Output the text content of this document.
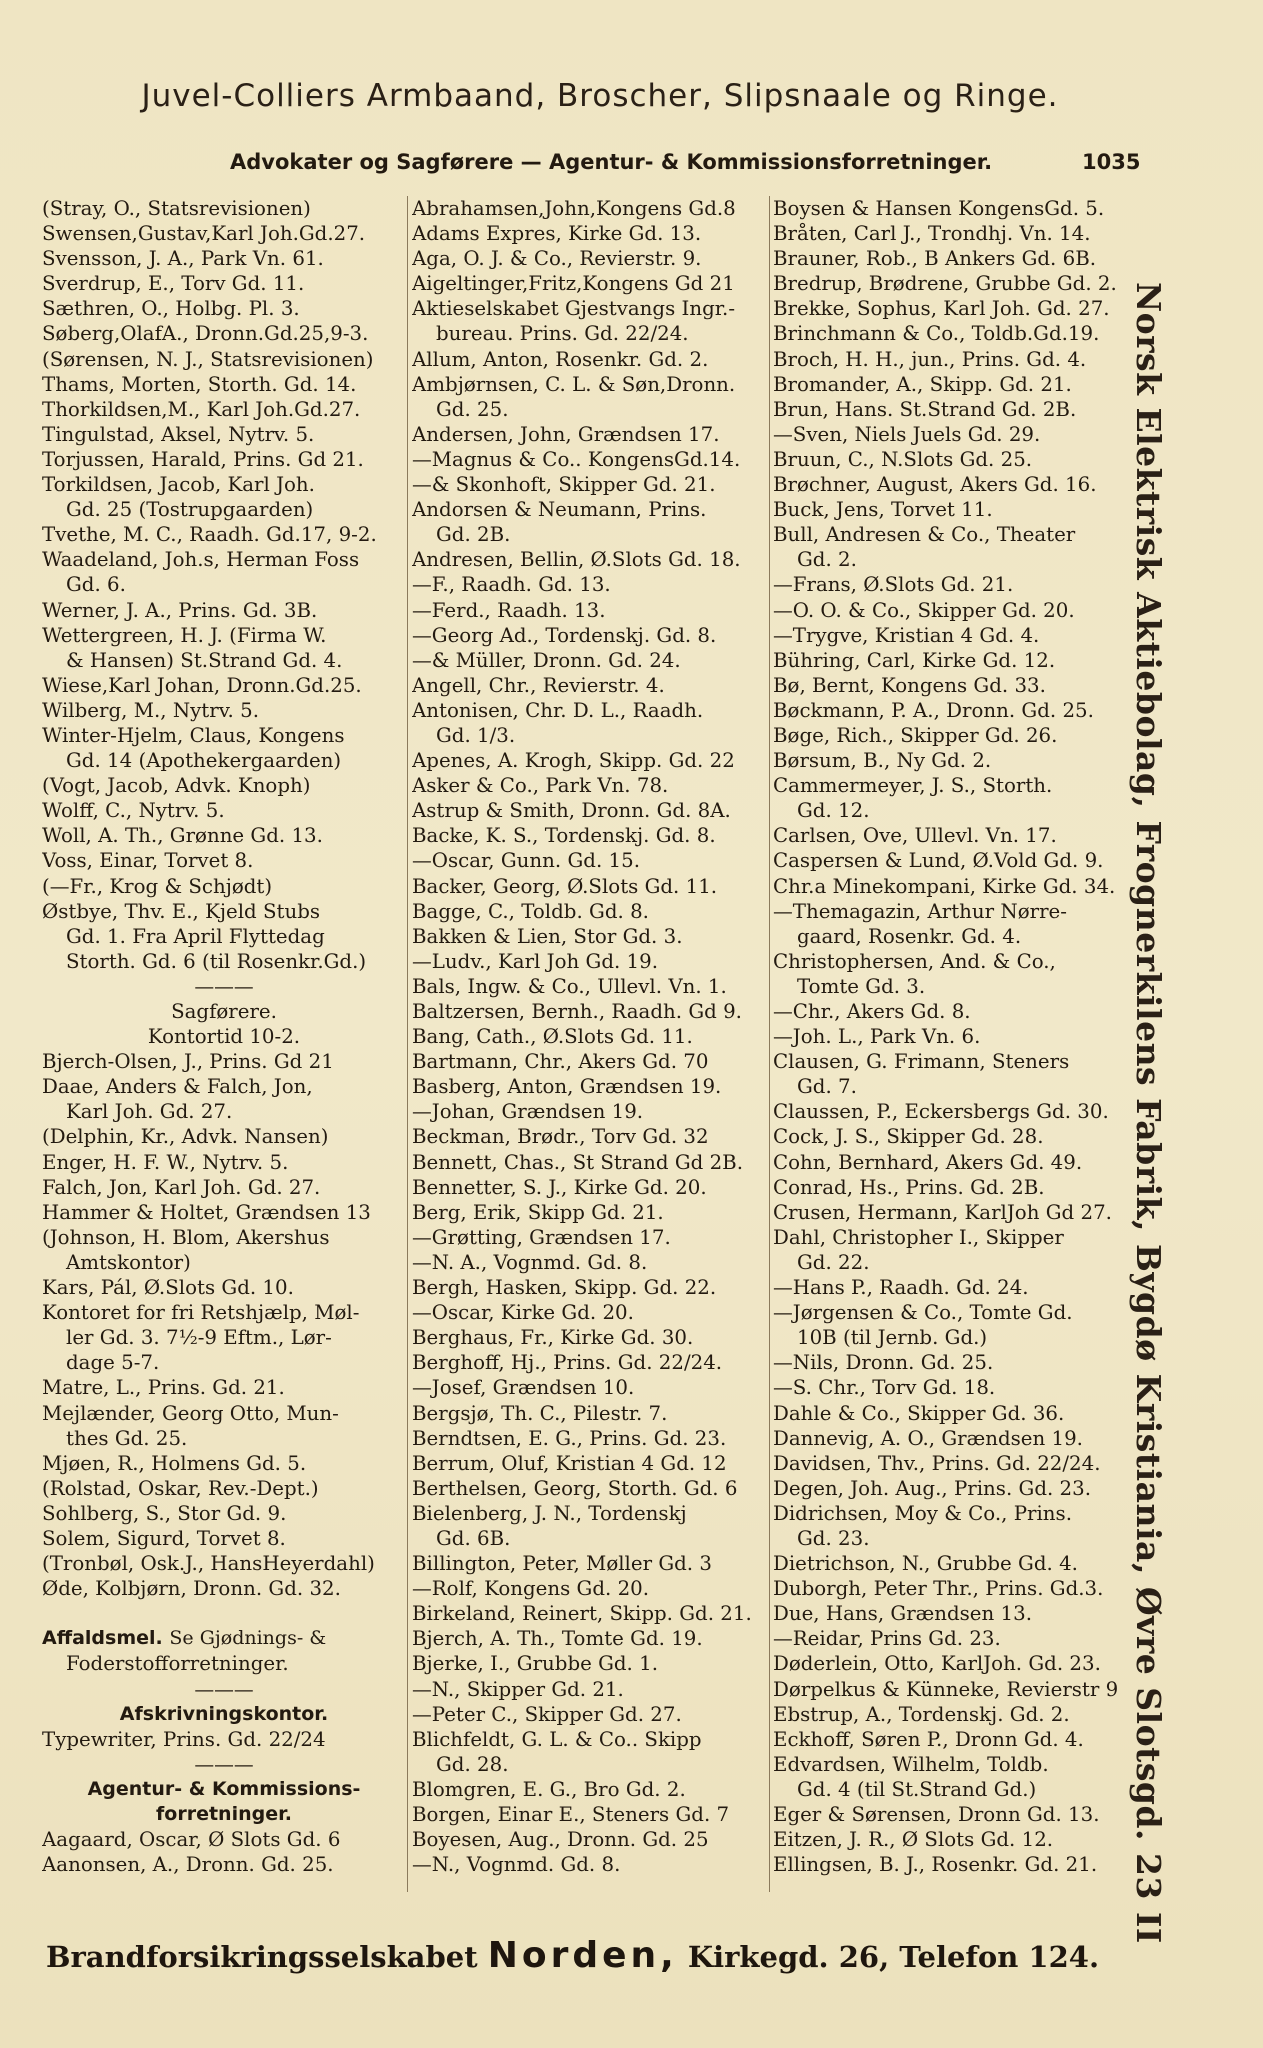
Juvel-Colliers Armbaand, Broscher, Slipsnaale og Ringe.
Advokater og Sagførere — Agentur- & Kommissionsforretninger.	1035
(Stray, O., Statsrevisionen)
Swensen,Gustav,Karl Joh.Gd.27.
Svensson, J. A., Park Vn. 61.
Sverdrup, E., Torv Gd. 11.
Sæthren, O., Holbg. Pl. 3.
Søberg,OlafA., Dronn.Gd.25,9-3.
(Sørensen, N. J., Statsrevisionen)
Thams, Morten, Storth. Gd. 14.
Thorkildsen,M., Karl Joh.Gd.27.
Tingulstad, Aksel, Nytrv. 5.
Torjussen, Harald, Prins. Gd 21.
Torkildsen, Jacob, Karl Joh.
Gd. 25 (Tostrupgaarden)
Tvethe, M. C., Raadh. Gd.17, 9-2.
Waadeland, Joh.s, Herman Foss
Gd. 6.
Werner, J. A., Prins. Gd. 3B.
Wettergreen, H. J. (Firma W.
& Hansen) St.Strand Gd. 4.
Wiese,Karl Johan, Dronn.Gd.25.
Wilberg, M., Nytrv. 5.
Winter-Hjelm, Claus, Kongens
Gd. 14 (Apothekergaarden)
(Vogt, Jacob, Advk. Knoph)
Wolff, C., Nytrv. 5.
Woll, A. Th., Grønne Gd. 13.
Voss, Einar, Torvet 8.
(—Fr., Krog & Schjødt)
Østbye, Thv. E., Kjeld Stubs
Gd. 1. Fra April Flyttedag
Storth. Gd. 6 (til Rosenkr.Gd.)
———
Sagførere.
Kontortid 10-2.
Bjerch-Olsen, J., Prins. Gd 21
Daae, Anders & Falch, Jon,
Karl Joh. Gd. 27.
(Delphin, Kr., Advk. Nansen)
Enger, H. F. W., Nytrv. 5.
Falch, Jon, Karl Joh. Gd. 27.
Hammer & Holtet, Grændsen 13
(Johnson, H. Blom, Akershus
Amtskontor)
Kars, Pál, Ø.Slots Gd. 10.
Kontoret for fri Retshjælp, Møl-
ler Gd. 3. 7½-9 Eftm., Lør-
dage 5-7.
Matre, L., Prins. Gd. 21.
Mejlænder, Georg Otto, Mun-
thes Gd. 25.
Mjøen, R., Holmens Gd. 5.
(Rolstad, Oskar, Rev.-Dept.)
Sohlberg, S., Stor Gd. 9.
Solem, Sigurd, Torvet 8.
(Tronbøl, Osk.J., HansHeyerdahl)
Øde, Kolbjørn, Dronn. Gd. 32.
Affaldsmel. Se Gjødnings- &
Foderstofforretninger.
———
Afskrivningskontor.
Typewriter, Prins. Gd. 22/24
———
Agentur- & Kommissions-
forretninger.
Aagaard, Oscar, Ø Slots Gd. 6
Aanonsen, A., Dronn. Gd. 25.
Abrahamsen,John,Kongens Gd.8
Adams Expres, Kirke Gd. 13.
Aga, O. J. & Co., Revierstr. 9.
Aigeltinger,Fritz,Kongens Gd 21
Aktieselskabet Gjestvangs Ingr.-
bureau. Prins. Gd. 22/24.
Allum, Anton, Rosenkr. Gd. 2.
Ambjørnsen, C. L. & Søn,Dronn.
Gd. 25.
Andersen, John, Grændsen 17.
—Magnus & Co.. KongensGd.14.
—& Skonhoft, Skipper Gd. 21.
Andorsen & Neumann, Prins.
Gd. 2B.
Andresen, Bellin, Ø.Slots Gd. 18.
—F., Raadh. Gd. 13.
—Ferd., Raadh. 13.
—Georg Ad., Tordenskj. Gd. 8.
—& Müller, Dronn. Gd. 24.
Angell, Chr., Revierstr. 4.
Antonisen, Chr. D. L., Raadh.
Gd. 1/3.
Apenes, A. Krogh, Skipp. Gd. 22
Asker & Co., Park Vn. 78.
Astrup & Smith, Dronn. Gd. 8A.
Backe, K. S., Tordenskj. Gd. 8.
—Oscar, Gunn. Gd. 15.
Backer, Georg, Ø.Slots Gd. 11.
Bagge, C., Toldb. Gd. 8.
Bakken & Lien, Stor Gd. 3.
—Ludv., Karl Joh Gd. 19.
Bals, Ingw. & Co., Ullevl. Vn. 1.
Baltzersen, Bernh., Raadh. Gd 9.
Bang, Cath., Ø.Slots Gd. 11.
Bartmann, Chr., Akers Gd. 70
Basberg, Anton, Grændsen 19.
—Johan, Grændsen 19.
Beckman, Brødr., Torv Gd. 32
Bennett, Chas., St Strand Gd 2B.
Bennetter, S. J., Kirke Gd. 20.
Berg, Erik, Skipp Gd. 21.
—Grøtting, Grændsen 17.
—N. A., Vognmd. Gd. 8.
Bergh, Hasken, Skipp. Gd. 22.
—Oscar, Kirke Gd. 20.
Berghaus, Fr., Kirke Gd. 30.
Berghoff, Hj., Prins. Gd. 22/24.
—Josef, Grændsen 10.
Bergsjø, Th. C., Pilestr. 7.
Berndtsen, E. G., Prins. Gd. 23.
Berrum, Oluf, Kristian 4 Gd. 12
Berthelsen, Georg, Storth. Gd. 6
Bielenberg, J. N., Tordenskj
Gd. 6B.
Billington, Peter, Møller Gd. 3
—Rolf, Kongens Gd. 20.
Birkeland, Reinert, Skipp. Gd. 21.
Bjerch, A. Th., Tomte Gd. 19.
Bjerke, I., Grubbe Gd. 1.
—N., Skipper Gd. 21.
—Peter C., Skipper Gd. 27.
Blichfeldt, G. L. & Co.. Skipp
Gd. 28.
Blomgren, E. G., Bro Gd. 2.
Borgen, Einar E., Steners Gd. 7
Boyesen, Aug., Dronn. Gd. 25
—N., Vognmd. Gd. 8.
Boysen & Hansen KongensGd. 5.
Bråten, Carl J., Trondhj. Vn. 14.
Brauner, Rob., B Ankers Gd. 6B.
Bredrup, Brødrene, Grubbe Gd. 2.
Brekke, Sophus, Karl Joh. Gd. 27.
Brinchmann & Co., Toldb.Gd.19.
Broch, H. H., jun., Prins. Gd. 4.
Bromander, A., Skipp. Gd. 21.
Brun, Hans. St.Strand Gd. 2B.
—Sven, Niels Juels Gd. 29.
Bruun, C., N.Slots Gd. 25.
Brøchner, August, Akers Gd. 16.
Buck, Jens, Torvet 11.
Bull, Andresen & Co., Theater
Gd. 2.
—Frans, Ø.Slots Gd. 21.
—O. O. & Co., Skipper Gd. 20.
—Trygve, Kristian 4 Gd. 4.
Bühring, Carl, Kirke Gd. 12.
Bø, Bernt, Kongens Gd. 33.
Bøckmann, P. A., Dronn. Gd. 25.
Bøge, Rich., Skipper Gd. 26.
Børsum, B., Ny Gd. 2.
Cammermeyer, J. S., Storth.
Gd. 12.
Carlsen, Ove, Ullevl. Vn. 17.
Caspersen & Lund, Ø.Vold Gd. 9.
Chr.a Minekompani, Kirke Gd. 34.
—Themagazin, Arthur Nørre-
gaard, Rosenkr. Gd. 4.
Christophersen, And. & Co.,
Tomte Gd. 3.
—Chr., Akers Gd. 8.
—Joh. L., Park Vn. 6.
Clausen, G. Frimann, Steners
Gd. 7.
Claussen, P., Eckersbergs Gd. 30.
Cock, J. S., Skipper Gd. 28.
Cohn, Bernhard, Akers Gd. 49.
Conrad, Hs., Prins. Gd. 2B.
Crusen, Hermann, KarlJoh Gd 27.
Dahl, Christopher I., Skipper
Gd. 22.
—Hans P., Raadh. Gd. 24.
—Jørgensen & Co., Tomte Gd.
10B (til Jernb. Gd.)
—Nils, Dronn. Gd. 25.
—S. Chr., Torv Gd. 18.
Dahle & Co., Skipper Gd. 36.
Dannevig, A. O., Grændsen 19.
Davidsen, Thv., Prins. Gd. 22/24.
Degen, Joh. Aug., Prins. Gd. 23.
Didrichsen, Moy & Co., Prins.
Gd. 23.
Dietrichson, N., Grubbe Gd. 4.
Duborgh, Peter Thr., Prins. Gd.3.
Due, Hans, Grændsen 13.
—Reidar, Prins Gd. 23.
Døderlein, Otto, KarlJoh. Gd. 23.
Dørpelkus & Künneke, Revierstr 9
Ebstrup, A., Tordenskj. Gd. 2.
Eckhoff, Søren P., Dronn Gd. 4.
Edvardsen, Wilhelm, Toldb.
Gd. 4 (til St.Strand Gd.)
Eger & Sørensen, Dronn Gd. 13.
Eitzen, J. R., Ø Slots Gd. 12.
Ellingsen, B. J., Rosenkr. Gd. 21. Norsk Elektrisk Aktiebolag, Frognerkilens Fabrik, Bygdø Kristiania, Øvre Slotsgd. 23 II
Brandforsikringsselskabet Norden, Kirkegd. 26, Telefon 124.
